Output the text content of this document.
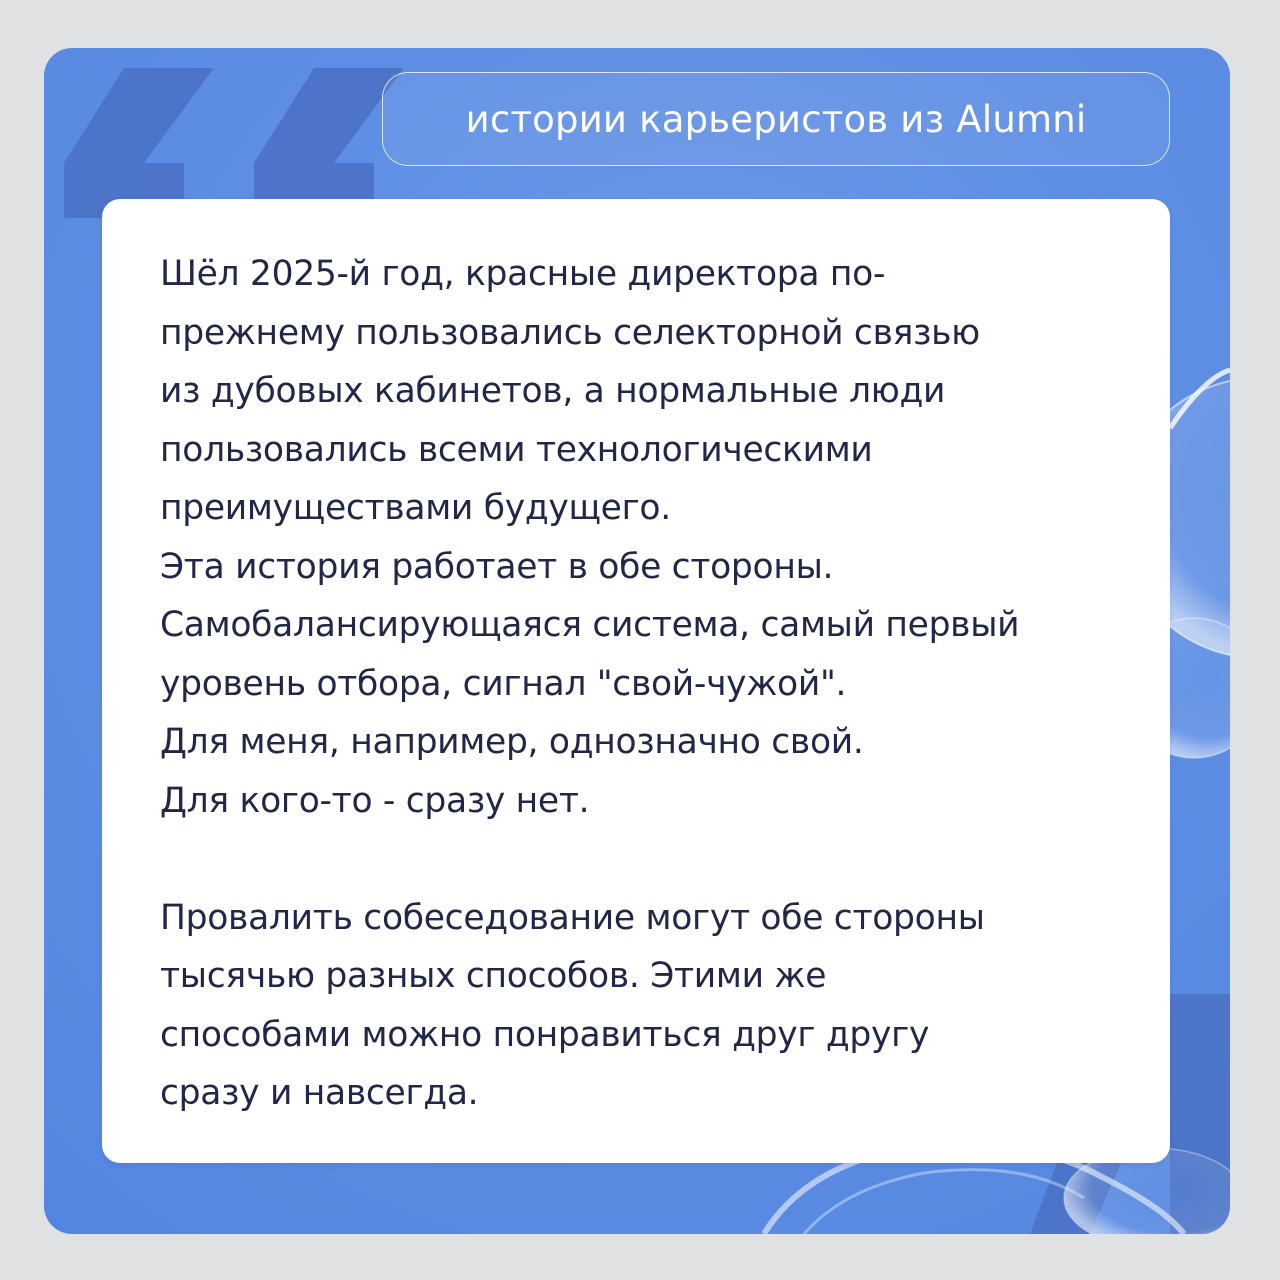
истории карьеристов из Alumni
Шёл 2025-й год, красные директора по-
прежнему пользовались селекторной связью
из дубовых кабинетов, а нормальные люди
пользовались всеми технологическими
преимуществами будущего.
Эта история работает в обе стороны.
Самобалансирующаяся система, самый первый
уровень отбора, сигнал "свой-чужой".
Для меня, например, однозначно свой.
Для кого-то - сразу нет.
Провалить собеседование могут обе стороны
тысячью разных способов. Этими же
способами можно понравиться друг другу
сразу и навсегда.
